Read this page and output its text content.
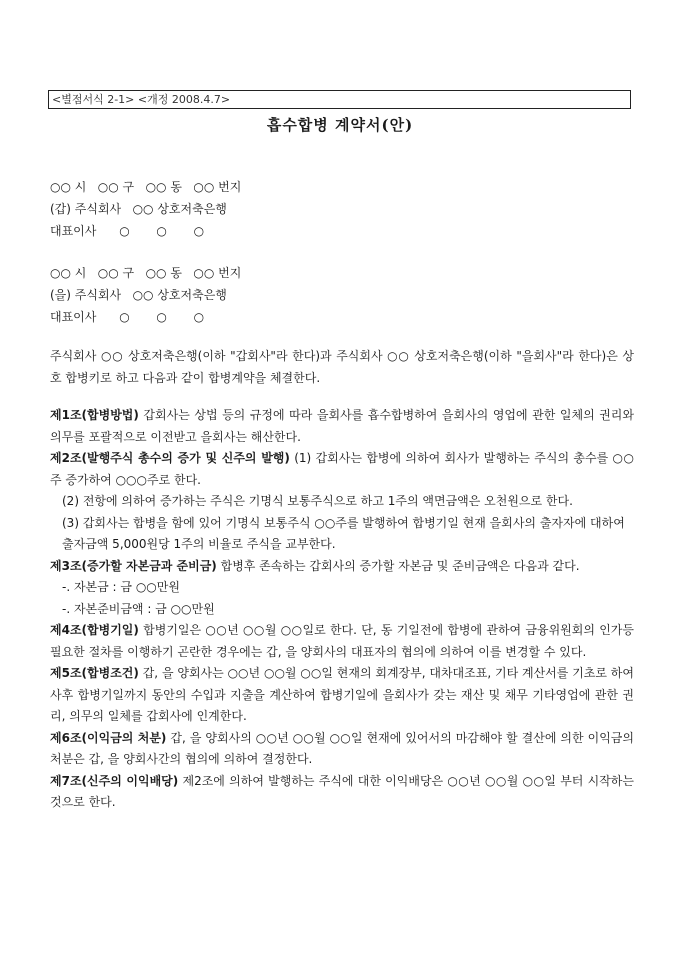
<별점서식 2-1> <개정 2008.4.7>
흡수합병 계약서(안)
○○ 시   ○○ 구   ○○ 동   ○○ 번지
(갑) 주식회사   ○○ 상호저축은행
대표이사      ○       ○       ○
○○ 시   ○○ 구   ○○ 동   ○○ 번지
(을) 주식회사   ○○ 상호저축은행
대표이사      ○       ○       ○
주식회사 ○○ 상호저축은행(이하 "갑회사"라 한다)과 주식회사 ○○ 상호저축은행(이하 "을회사"라 한다)은 상호 합병키로 하고 다음과 같이 합병계약을 체결한다.
제1조(합병방법) 갑회사는 상법 등의 규정에 따라 을회사를 흡수합병하여 을회사의 영업에 관한 일체의 권리와 의무를 포괄적으로 이전받고 을회사는 해산한다.
제2조(발행주식 총수의 증가 및 신주의 발행) (1) 갑회사는 합병에 의하여 회사가 발행하는 주식의 총수를 ○○주 증가하여 ○○○주로 한다.
(2) 전항에 의하여 증가하는 주식은 기명식 보통주식으로 하고 1주의 액면금액은 오천원으로 한다.
(3) 갑회사는 합병을 함에 있어 기명식 보통주식 ○○주를 발행하여 합병기일 현재 을회사의 출자자에 대하여 출자금액 5,000원당 1주의 비율로 주식을 교부한다.
제3조(증가할 자본금과 준비금) 합병후 존속하는 갑회사의 증가할 자본금 및 준비금액은 다음과 같다.
-. 자본금 : 금 ○○만원
-. 자본준비금액 : 금 ○○만원
제4조(합병기일) 합병기일은 ○○년 ○○월 ○○일로 한다. 단, 동 기일전에 합병에 관하여 금융위원회의 인가등 필요한 절차를 이행하기 곤란한 경우에는 갑, 을 양회사의 대표자의 협의에 의하여 이를 변경할 수 있다.
제5조(합병조건) 갑, 을 양회사는 ○○년 ○○월 ○○일 현재의 회계장부, 대차대조표, 기타 계산서를 기초로 하여 사후 합병기일까지 동안의 수입과 지출을 계산하여 합병기일에 을회사가 갖는 재산 및 채무 기타영업에 관한 권리, 의무의 일체를 갑회사에 인계한다.
제6조(이익금의 처분) 갑, 을 양회사의 ○○년 ○○월 ○○일 현재에 있어서의 마감해야 할 결산에 의한 이익금의 처분은 갑, 을 양회사간의 협의에 의하여 결정한다.
제7조(신주의 이익배당) 제2조에 의하여 발행하는 주식에 대한 이익배당은 ○○년 ○○월 ○○일 부터 시작하는 것으로 한다.
